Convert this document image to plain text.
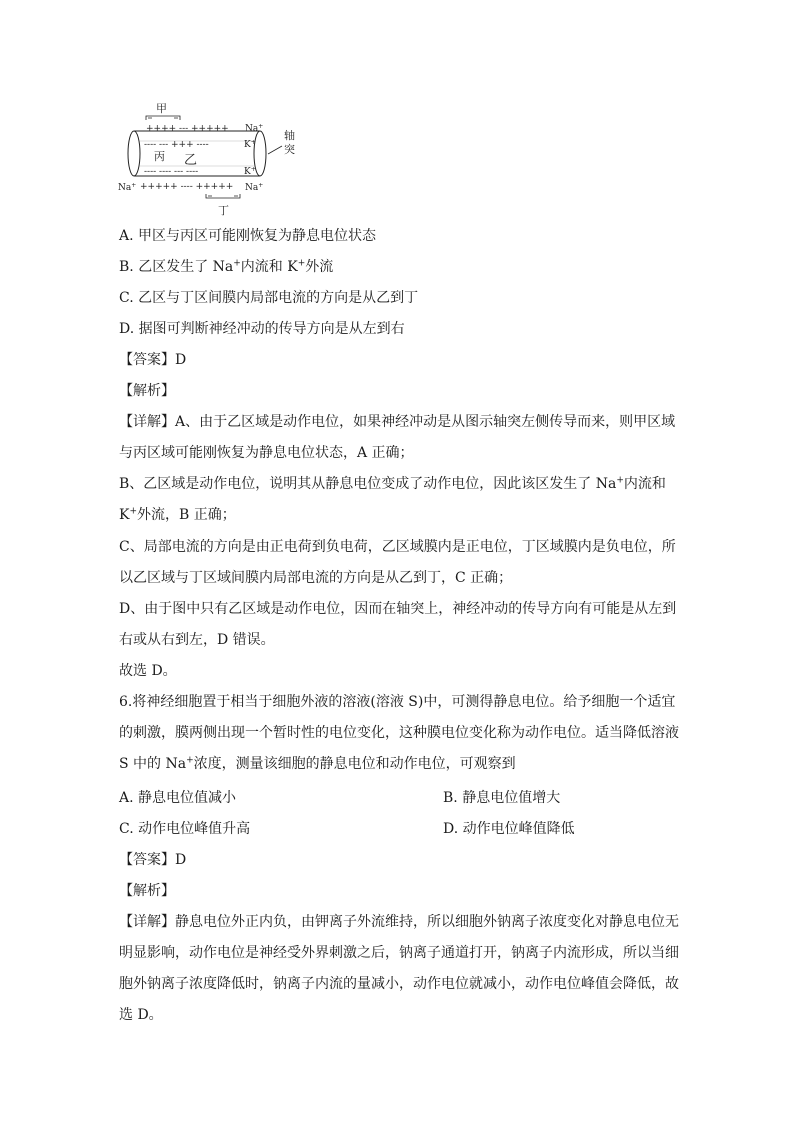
甲
++++ --- +++++
---- --- +++ ----
---- ---- --- ----
+++++ ---- +++++
Na+
K+
K+
Na+	Na+
丙 乙
轴
突
丁
A. 甲区与丙区可能刚恢复为静息电位状态
B. 乙区发生了 Na+内流和 K+外流
C. 乙区与丁区间膜内局部电流的方向是从乙到丁
D. 据图可判断神经冲动的传导方向是从左到右
【答案】D
【解析】
【详解】A、由于乙区域是动作电位，如果神经冲动是从图示轴突左侧传导而来，则甲区域
与丙区域可能刚恢复为静息电位状态，A 正确；
B、乙区域是动作电位，说明其从静息电位变成了动作电位，因此该区发生了 Na+内流和
K+外流，B 正确；
C、局部电流的方向是由正电荷到负电荷，乙区域膜内是正电位，丁区域膜内是负电位，所
以乙区域与丁区域间膜内局部电流的方向是从乙到丁，C 正确；
D、由于图中只有乙区域是动作电位，因而在轴突上，神经冲动的传导方向有可能是从左到
右或从右到左，D 错误。
故选 D。
6.将神经细胞置于相当于细胞外液的溶液(溶液 S)中，可测得静息电位。给予细胞一个适宜
的刺激，膜两侧出现一个暂时性的电位变化，这种膜电位变化称为动作电位。适当降低溶液
S 中的 Na+浓度，测量该细胞的静息电位和动作电位，可观察到
A. 静息电位值减小	B. 静息电位值增大
C. 动作电位峰值升高	D. 动作电位峰值降低
【答案】D
【解析】
【详解】静息电位外正内负，由钾离子外流维持，所以细胞外钠离子浓度变化对静息电位无
明显影响，动作电位是神经受外界刺激之后，钠离子通道打开，钠离子内流形成，所以当细
胞外钠离子浓度降低时，钠离子内流的量减小，动作电位就减小，动作电位峰值会降低，故
选 D。
